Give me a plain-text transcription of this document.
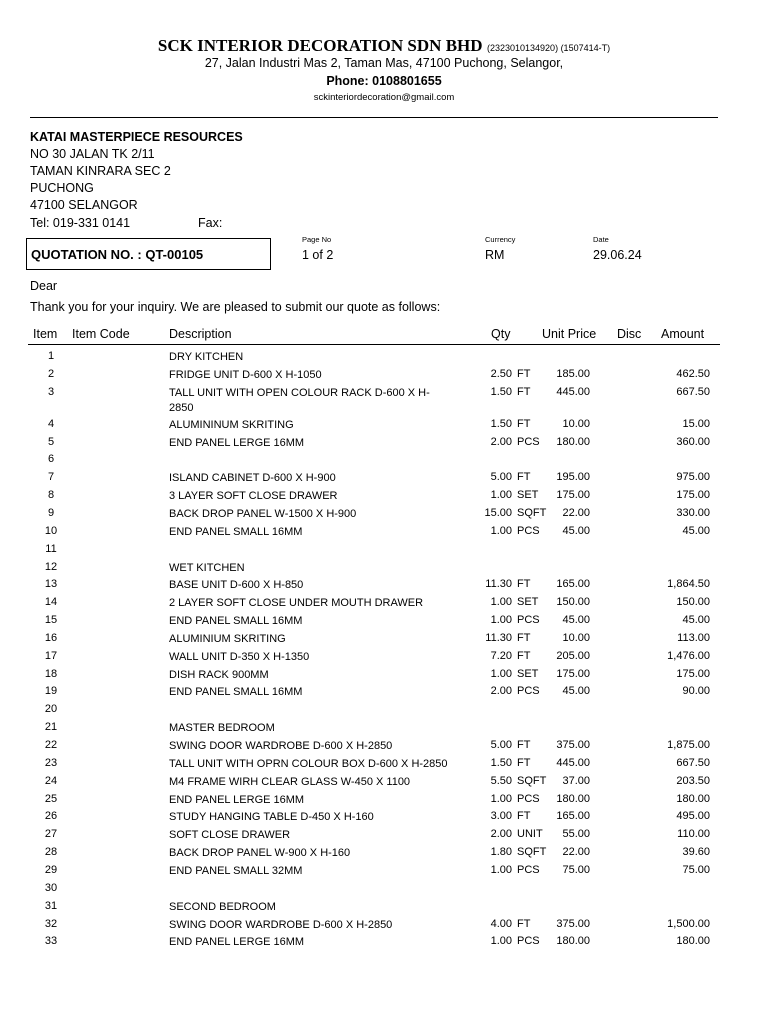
SCK INTERIOR DECORATION SDN BHD (2323010134920) (1507414-T)
27, Jalan Industri Mas 2, Taman Mas, 47100 Puchong, Selangor,
Phone: 0108801655
sckinteriordecoration@gmail.com
KATAI MASTERPIECE RESOURCES
NO 30 JALAN TK 2/11
TAMAN KINRARA SEC 2
PUCHONG
47100 SELANGOR
Tel: 019-331 0141	Fax:
QUOTATION NO. : QT-00105
Page No
1 of 2
Currency
RM
Date
29.06.24
Dear
Thank you for your inquiry. We are pleased to submit our quote as follows:
Item Item Code	Description	Qty	Unit Price Disc Amount
1	DRY KITCHEN
2	FRIDGE UNIT D-600 X H-1050	2.50 FT	185.00	462.50
3	TALL UNIT WITH OPEN COLOUR RACK D-600 X H-2850
1.50 FT	445.00	667.50
4	ALUMININUM SKRITING	1.50 FT	10.00	15.00
5	END PANEL LERGE 16MM	2.00 PCS	180.00	360.00
6
7	ISLAND CABINET D-600 X H-900	5.00 FT	195.00	975.00
8	3 LAYER SOFT CLOSE DRAWER	1.00 SET	175.00	175.00
9	BACK DROP PANEL W-1500 X H-900	15.00 SQFT	22.00	330.00
10	END PANEL SMALL 16MM	1.00 PCS	45.00	45.00
11
12	WET KITCHEN
13	BASE UNIT D-600 X H-850	11.30 FT	165.00	1,864.50
14	2 LAYER SOFT CLOSE UNDER MOUTH DRAWER	1.00 SET	150.00	150.00
15	END PANEL SMALL 16MM	1.00 PCS	45.00	45.00
16	ALUMINIUM SKRITING	11.30 FT	10.00	113.00
17	WALL UNIT D-350 X H-1350	7.20 FT	205.00	1,476.00
18	DISH RACK 900MM	1.00 SET	175.00	175.00
19	END PANEL SMALL 16MM	2.00 PCS	45.00	90.00
20
21	MASTER BEDROOM
22	SWING DOOR WARDROBE D-600 X H-2850	5.00 FT	375.00	1,875.00
23	TALL UNIT WITH OPRN COLOUR BOX D-600 X H-2850	1.50 FT	445.00	667.50
24	M4 FRAME WIRH CLEAR GLASS W-450 X 1100	5.50 SQFT	37.00	203.50
25	END PANEL LERGE 16MM	1.00 PCS	180.00	180.00
26	STUDY HANGING TABLE D-450 X H-160	3.00 FT	165.00	495.00
27	SOFT CLOSE DRAWER	2.00 UNIT	55.00	110.00
28	BACK DROP PANEL W-900 X H-160	1.80 SQFT	22.00	39.60
29	END PANEL SMALL 32MM	1.00 PCS	75.00	75.00
30
31	SECOND BEDROOM
32	SWING DOOR WARDROBE D-600 X H-2850	4.00 FT	375.00	1,500.00
33	END PANEL LERGE 16MM	1.00 PCS	180.00	180.00
